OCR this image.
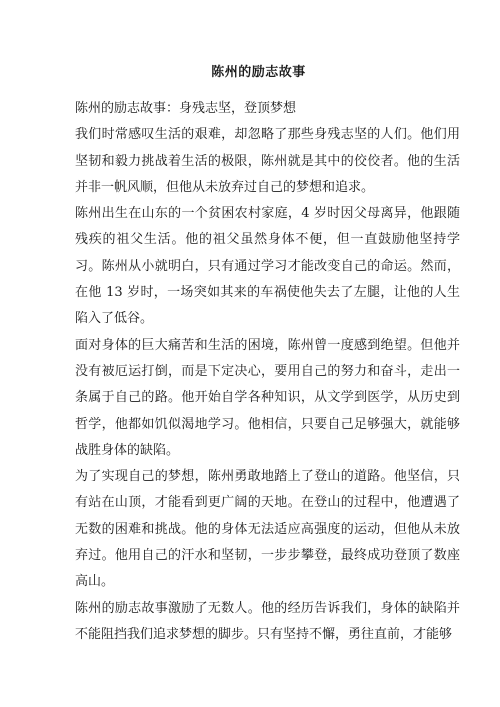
陈州的励志故事
陈州的励志故事：身残志坚，登顶梦想
我们时常感叹生活的艰难，却忽略了那些身残志坚的人们。他们用坚韧和毅力挑战着生活的极限，陈州就是其中的佼佼者。他的生活并非一帆风顺，但他从未放弃过自己的梦想和追求。
陈州出生在山东的一个贫困农村家庭，4 岁时因父母离异，他跟随残疾的祖父生活。他的祖父虽然身体不便，但一直鼓励他坚持学习。陈州从小就明白，只有通过学习才能改变自己的命运。然而，在他 13 岁时，一场突如其来的车祸使他失去了左腿，让他的人生陷入了低谷。
面对身体的巨大痛苦和生活的困境，陈州曾一度感到绝望。但他并没有被厄运打倒，而是下定决心，要用自己的努力和奋斗，走出一条属于自己的路。他开始自学各种知识，从文学到医学，从历史到哲学，他都如饥似渴地学习。他相信，只要自己足够强大，就能够战胜身体的缺陷。
为了实现自己的梦想，陈州勇敢地踏上了登山的道路。他坚信，只有站在山顶，才能看到更广阔的天地。在登山的过程中，他遭遇了无数的困难和挑战。他的身体无法适应高强度的运动，但他从未放弃过。他用自己的汗水和坚韧，一步步攀登，最终成功登顶了数座高山。
陈州的励志故事激励了无数人。他的经历告诉我们，身体的缺陷并不能阻挡我们追求梦想的脚步。只有坚持不懈，勇往直前，才能够
